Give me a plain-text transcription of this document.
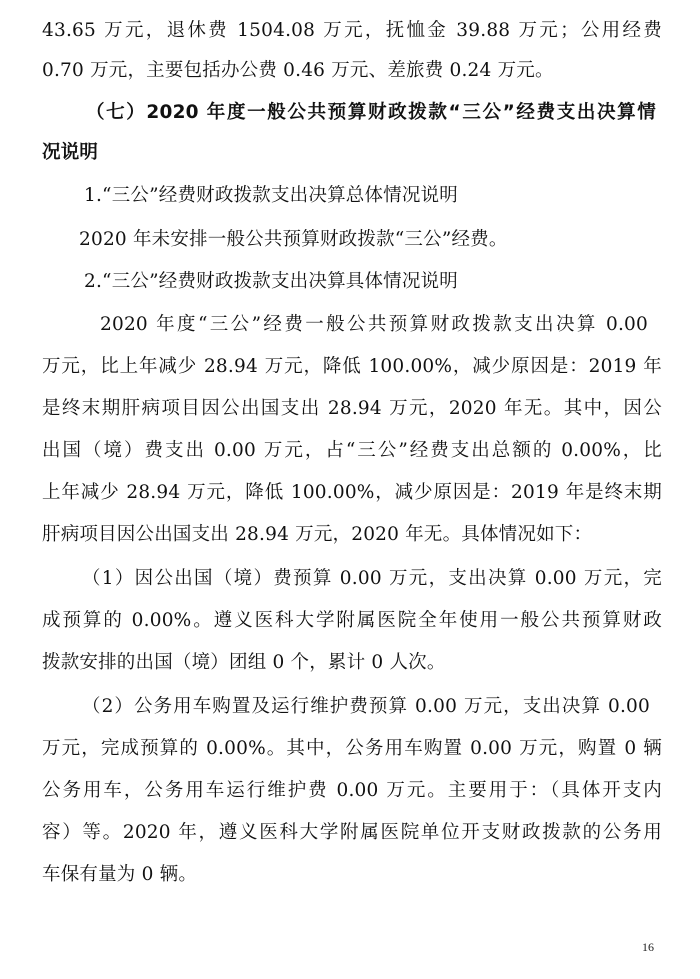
43.65 万元，退休费 1504.08 万元，抚恤金 39.88 万元；公用经费
0.70 万元，主要包括办公费 0.46 万元、差旅费 0.24 万元。
（七）2020 年度一般公共预算财政拨款“三公”经费支出决算情
况说明
1.“三公”经费财政拨款支出决算总体情况说明
2020 年未安排一般公共预算财政拨款“三公”经费。
2.“三公”经费财政拨款支出决算具体情况说明
2020 年度“三公”经费一般公共预算财政拨款支出决算 0.00
万元，比上年减少 28.94 万元，降低 100.00%，减少原因是：2019 年
是终末期肝病项目因公出国支出 28.94 万元，2020 年无。其中，因公
出国（境）费支出 0.00 万元，占“三公”经费支出总额的 0.00%，比
上年减少 28.94 万元，降低 100.00%，减少原因是：2019 年是终末期
肝病项目因公出国支出 28.94 万元，2020 年无。具体情况如下：
（1）因公出国（境）费预算 0.00 万元，支出决算 0.00 万元，完
成预算的 0.00%。遵义医科大学附属医院全年使用一般公共预算财政
拨款安排的出国（境）团组 0 个，累计 0 人次。
（2）公务用车购置及运行维护费预算 0.00 万元，支出决算 0.00
万元，完成预算的 0.00%。其中，公务用车购置 0.00 万元，购置 0 辆
公务用车，公务用车运行维护费 0.00 万元。主要用于：（具体开支内
容）等。2020 年，遵义医科大学附属医院单位开支财政拨款的公务用
车保有量为 0 辆。
16
